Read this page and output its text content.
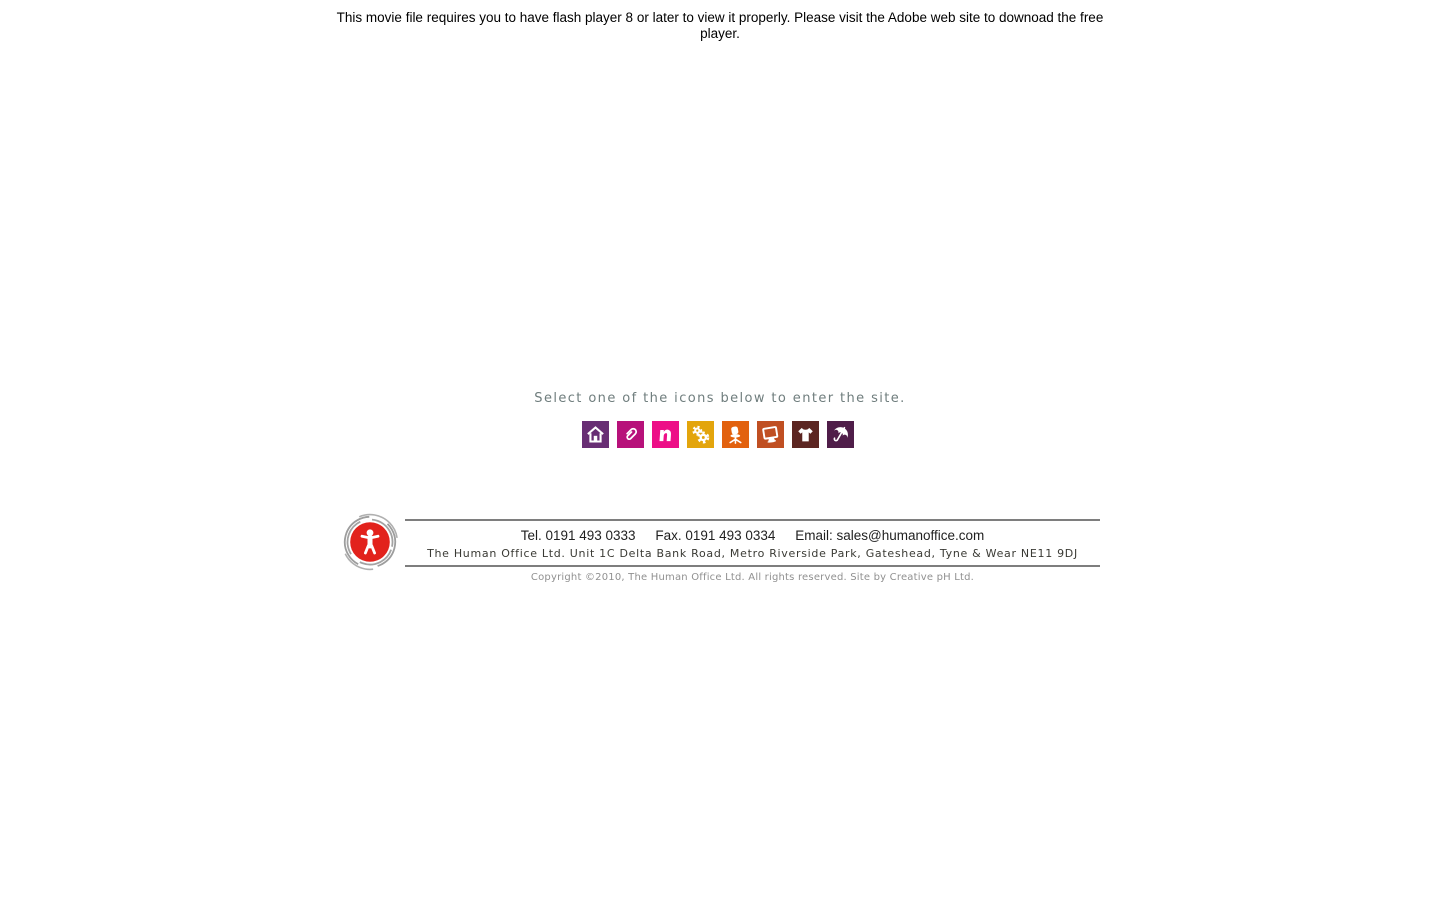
This movie file requires you to have flash player 8 or later to view it properly. Please visit the Adobe web site to downoad the free player.
Select one of the icons below to enter the site.
Tel. 0191 493 0333 Fax. 0191 493 0334 Email: sales@humanoffice.com
The Human Office Ltd. Unit 1C Delta Bank Road, Metro Riverside Park, Gateshead, Tyne & Wear NE11 9DJ
Copyright ©2010, The Human Office Ltd. All rights reserved. Site by Creative pH Ltd.
